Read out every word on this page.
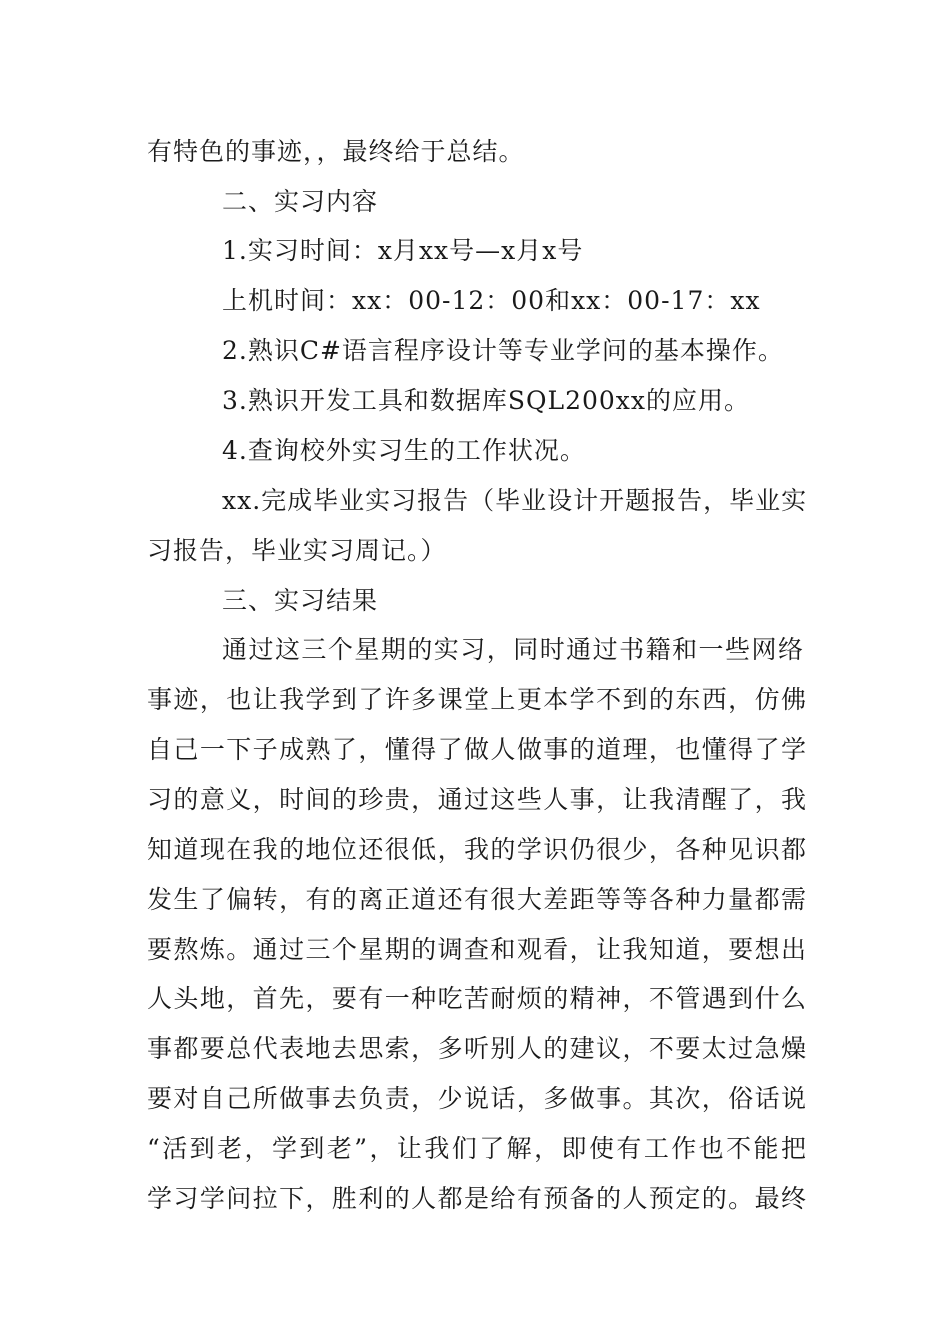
有特色的事迹，，最终给于总结。

二、实习内容

1.实习时间：x月xx号—x月x号

上机时间：xx：00-12：00和xx：00-17：xx

2.熟识C#语言程序设计等专业学问的基本操作。

3.熟识开发工具和数据库SQL200xx的应用。

4.查询校外实习生的工作状况。

xx.完成毕业实习报告（毕业设计开题报告，毕业实

习报告，毕业实习周记。）

三、实习结果

通过这三个星期的实习，同时通过书籍和一些网络

事迹，也让我学到了许多课堂上更本学不到的东西，仿佛

自己一下子成熟了，懂得了做人做事的道理，也懂得了学

习的意义，时间的珍贵，通过这些人事，让我清醒了，我

知道现在我的地位还很低，我的学识仍很少，各种见识都

发生了偏转，有的离正道还有很大差距等等各种力量都需

要熬炼。通过三个星期的调查和观看，让我知道，要想出

人头地，首先，要有一种吃苦耐烦的精神，不管遇到什么

事都要总代表地去思索，多听别人的建议，不要太过急燥

要对自己所做事去负责，少说话，多做事。其次，俗话说

“活到老，学到老”，让我们了解，即使有工作也不能把

学习学问拉下，胜利的人都是给有预备的人预定的。最终
